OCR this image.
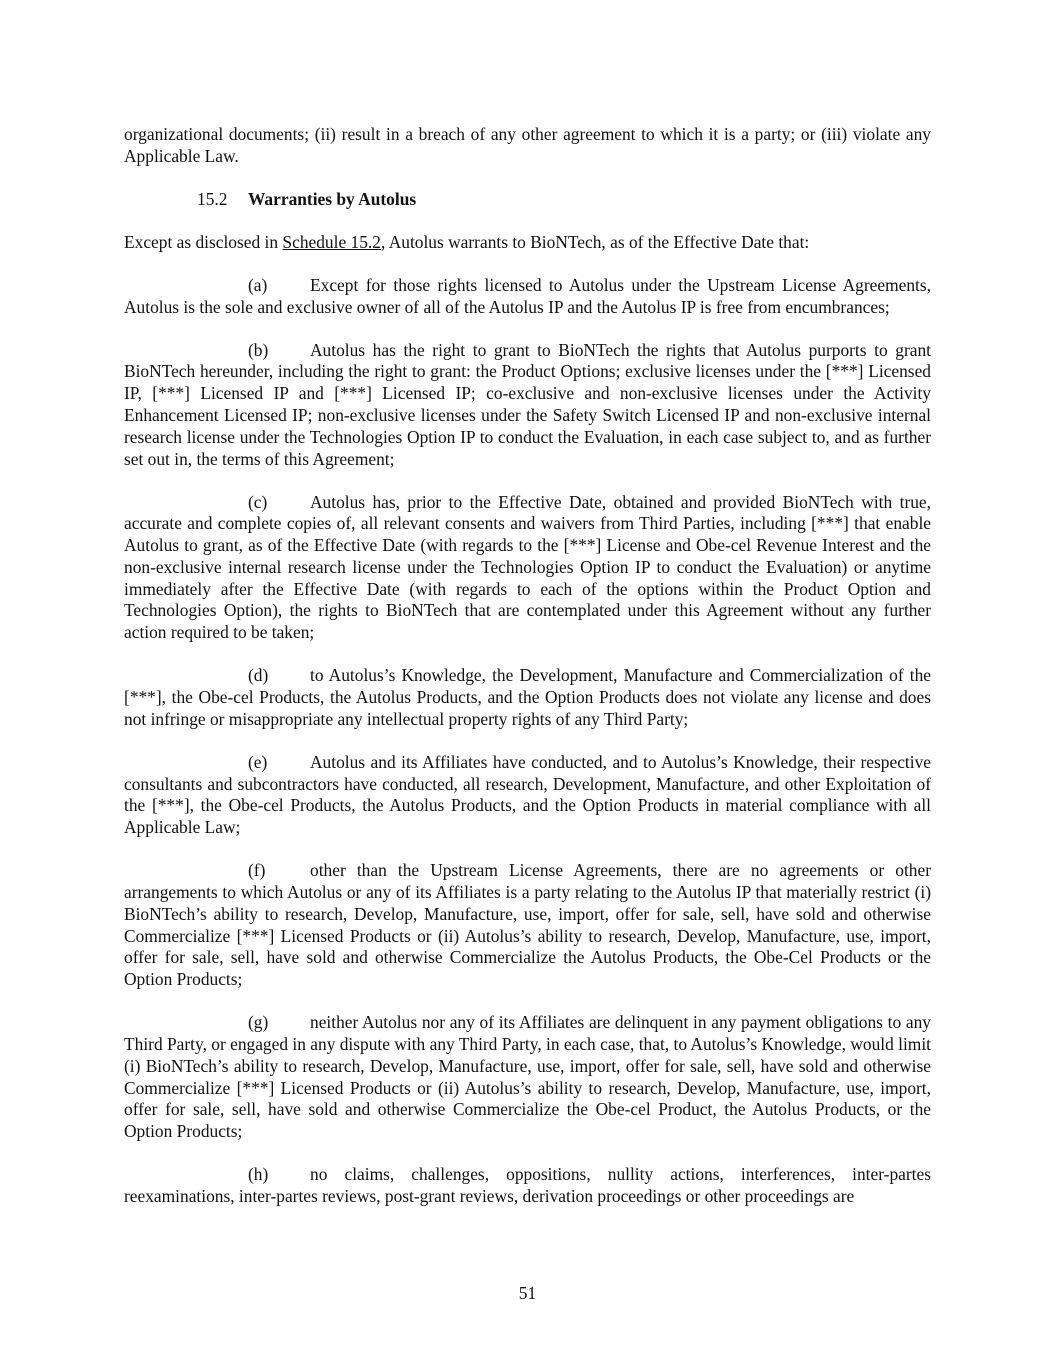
organizational documents; (ii) result in a breach of any other agreement to which it is a party; or (iii) violate any Applicable Law.

15.2 Warranties by Autolus

Except as disclosed in Schedule 15.2, Autolus warrants to BioNTech, as of the Effective Date that:

(a) Except for those rights licensed to Autolus under the Upstream License Agreements, Autolus is the sole and exclusive owner of all of the Autolus IP and the Autolus IP is free from encumbrances;

(b) Autolus has the right to grant to BioNTech the rights that Autolus purports to grant BioNTech hereunder, including the right to grant: the Product Options; exclusive licenses under the [***] Licensed IP, [***] Licensed IP and [***] Licensed IP; co-exclusive and non-exclusive licenses under the Activity Enhancement Licensed IP; non-exclusive licenses under the Safety Switch Licensed IP and non-exclusive internal research license under the Technologies Option IP to conduct the Evaluation, in each case subject to, and as further set out in, the terms of this Agreement;

(c) Autolus has, prior to the Effective Date, obtained and provided BioNTech with true, accurate and complete copies of, all relevant consents and waivers from Third Parties, including [***] that enable Autolus to grant, as of the Effective Date (with regards to the [***] License and Obe-cel Revenue Interest and the non-exclusive internal research license under the Technologies Option IP to conduct the Evaluation) or anytime immediately after the Effective Date (with regards to each of the options within the Product Option and Technologies Option), the rights to BioNTech that are contemplated under this Agreement without any further action required to be taken;

(d) to Autolus’s Knowledge, the Development, Manufacture and Commercialization of the [***], the Obe-cel Products, the Autolus Products, and the Option Products does not violate any license and does not infringe or misappropriate any intellectual property rights of any Third Party;

(e) Autolus and its Affiliates have conducted, and to Autolus’s Knowledge, their respective consultants and subcontractors have conducted, all research, Development, Manufacture, and other Exploitation of the [***], the Obe-cel Products, the Autolus Products, and the Option Products in material compliance with all Applicable Law;

(f)	other than the Upstream License Agreements, there are no agreements or other arrangements to which Autolus or any of its Affiliates is a party relating to the Autolus IP that materially restrict (i) BioNTech’s ability to research, Develop, Manufacture, use, import, offer for sale, sell, have sold and otherwise Commercialize [***] Licensed Products or (ii) Autolus’s ability to research, Develop, Manufacture, use, import, offer for sale, sell, have sold and otherwise Commercialize the Autolus Products, the Obe-Cel Products or the Option Products;

(g) neither Autolus nor any of its Affiliates are delinquent in any payment obligations to any Third Party, or engaged in any dispute with any Third Party, in each case, that, to Autolus’s Knowledge, would limit (i) BioNTech’s ability to research, Develop, Manufacture, use, import, offer for sale, sell, have sold and otherwise Commercialize [***] Licensed Products or (ii) Autolus’s ability to research, Develop, Manufacture, use, import, offer for sale, sell, have sold and otherwise Commercialize the Obe-cel Product, the Autolus Products, or the Option Products;

(h) no claims, challenges, oppositions, nullity actions, interferences, inter-partes reexaminations, inter-partes reviews, post-grant reviews, derivation proceedings or other proceedings are

51
